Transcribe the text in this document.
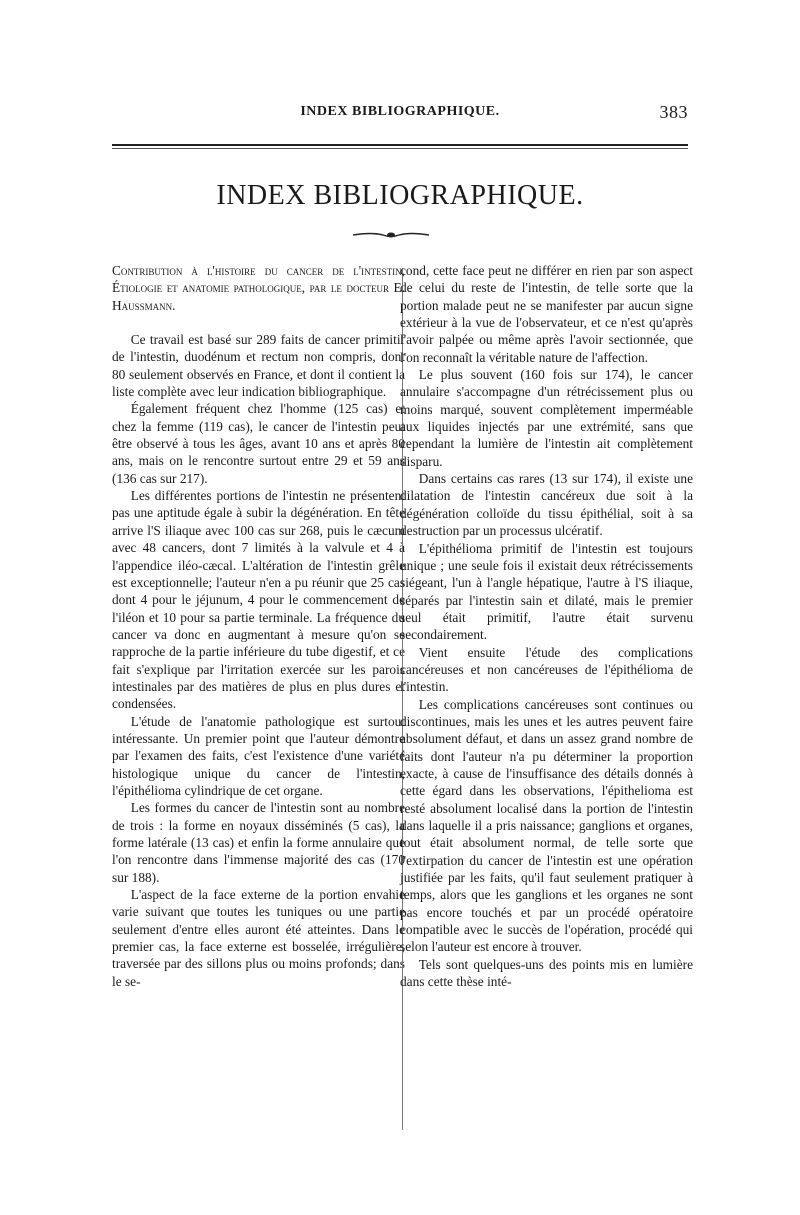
INDEX BIBLIOGRAPHIQUE.	383
INDEX BIBLIOGRAPHIQUE.

Contribution à l'histoire du cancer de l'intestin, Étiologie et anatomie pathologique, par le docteur E. Haussmann.

Ce travail est basé sur 289 faits de cancer primitif de l'intestin, duodénum et rectum non compris, dont 80 seulement observés en France, et dont il contient la liste complète avec leur indication bibliographique.

Également fréquent chez l'homme (125 cas) et chez la femme (119 cas), le cancer de l'intestin peut être observé à tous les âges, avant 10 ans et après 80 ans, mais on le rencontre surtout entre 29 et 59 ans (136 cas sur 217).

Les différentes portions de l'intestin ne présentent pas une aptitude égale à subir la dégénération. En tête arrive l'S iliaque avec 100 cas sur 268, puis le cæcum avec 48 cancers, dont 7 limités à la valvule et 4 à l'appendice iléo-cæcal. L'altération de l'intestin grêle est exceptionnelle; l'auteur n'en a pu réunir que 25 cas dont 4 pour le jéjunum, 4 pour le commencement de l'iléon et 10 pour sa partie terminale. La fréquence du cancer va donc en augmentant à mesure qu'on se rapproche de la partie inférieure du tube digestif, et ce fait s'explique par l'irritation exercée sur les parois intestinales par des matières de plus en plus dures et condensées.

L'étude de l'anatomie pathologique est surtout intéressante. Un premier point que l'auteur démontre par l'examen des faits, c'est l'existence d'une variété histologique unique du cancer de l'intestin, l'épithélioma cylindrique de cet organe.

Les formes du cancer de l'intestin sont au nombre de trois : la forme en noyaux disséminés (5 cas), la forme latérale (13 cas) et enfin la forme annulaire que l'on rencontre dans l'immense majorité des cas (170 sur 188).

L'aspect de la face externe de la portion envahie varie suivant que toutes les tuniques ou une partie seulement d'entre elles auront été atteintes. Dans le premier cas, la face externe est bosselée, irrégulière, traversée par des sillons plus ou moins profonds; dans le se-

cond, cette face peut ne différer en rien par son aspect de celui du reste de l'intestin, de telle sorte que la portion malade peut ne se manifester par aucun signe extérieur à la vue de l'observateur, et ce n'est qu'après l'avoir palpée ou même après l'avoir sectionnée, que l'on reconnaît la véritable nature de l'affection.

Le plus souvent (160 fois sur 174), le cancer annulaire s'accompagne d'un rétrécissement plus ou moins marqué, souvent complètement imperméable aux liquides injectés par une extrémité, sans que cependant la lumière de l'intestin ait complètement disparu.

Dans certains cas rares (13 sur 174), il existe une dilatation de l'intestin cancéreux due soit à la dégénération colloïde du tissu épithélial, soit à sa destruction par un processus ulcératif.

L'épithélioma primitif de l'intestin est toujours unique ; une seule fois il existait deux rétrécissements siégeant, l'un à l'angle hépatique, l'autre à l'S iliaque, séparés par l'intestin sain et dilaté, mais le premier seul était primitif, l'autre était survenu secondairement.

Vient ensuite l'étude des complications cancéreuses et non cancéreuses de l'épithélioma de l'intestin.

Les complications cancéreuses sont continues ou discontinues, mais les unes et les autres peuvent faire absolument défaut, et dans un assez grand nombre de faits dont l'auteur n'a pu déterminer la proportion exacte, à cause de l'insuffisance des détails donnés à cette égard dans les observations, l'épithelioma est resté absolument localisé dans la portion de l'intestin dans laquelle il a pris naissance; ganglions et organes, tout était absolument normal, de telle sorte que l'extirpation du cancer de l'intestin est une opération justifiée par les faits, qu'il faut seulement pratiquer à temps, alors que les ganglions et les organes ne sont pas encore touchés et par un procédé opératoire compatible avec le succès de l'opération, procédé qui selon l'auteur est encore à trouver.

Tels sont quelques-uns des points mis en lumière dans cette thèse inté-
